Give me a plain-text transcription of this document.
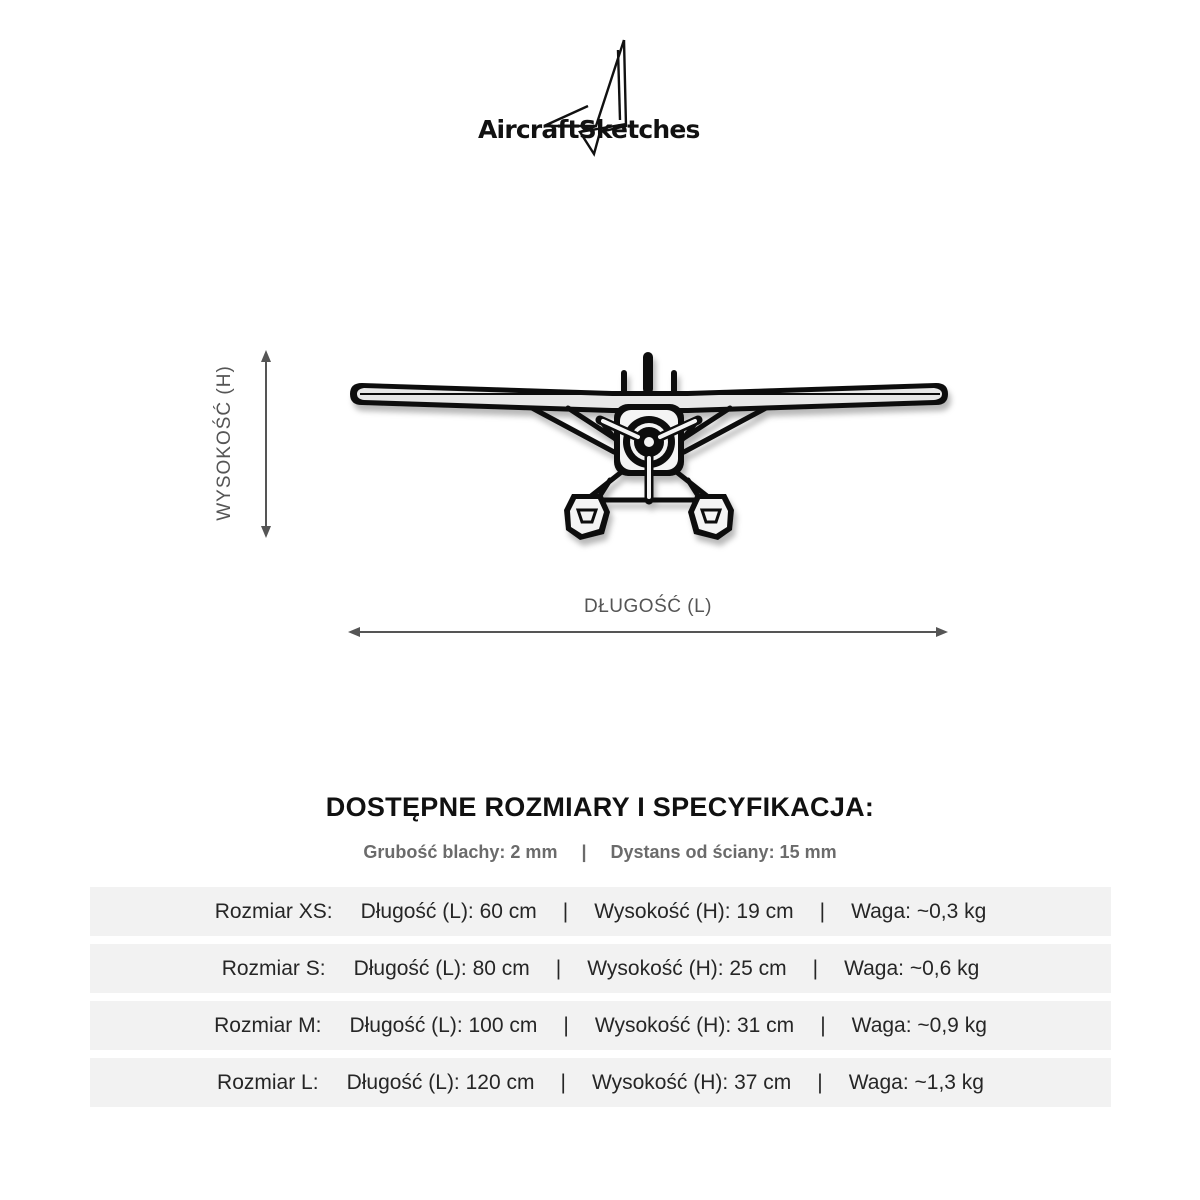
AircraftSketches
WYSOKOŚĆ (H)
DŁUGOŚĆ (L)
DOSTĘPNE ROZMIARY I SPECYFIKACJA:
Grubość blachy: 2 mm | Dystans od ściany: 15 mm
Rozmiar XS: Długość (L): 60 cm | Wysokość (H): 19 cm | Waga: ~0,3 kg
Rozmiar S: Długość (L): 80 cm | Wysokość (H): 25 cm | Waga: ~0,6 kg
Rozmiar M: Długość (L): 100 cm | Wysokość (H): 31 cm | Waga: ~0,9 kg
Rozmiar L: Długość (L): 120 cm | Wysokość (H): 37 cm | Waga: ~1,3 kg
